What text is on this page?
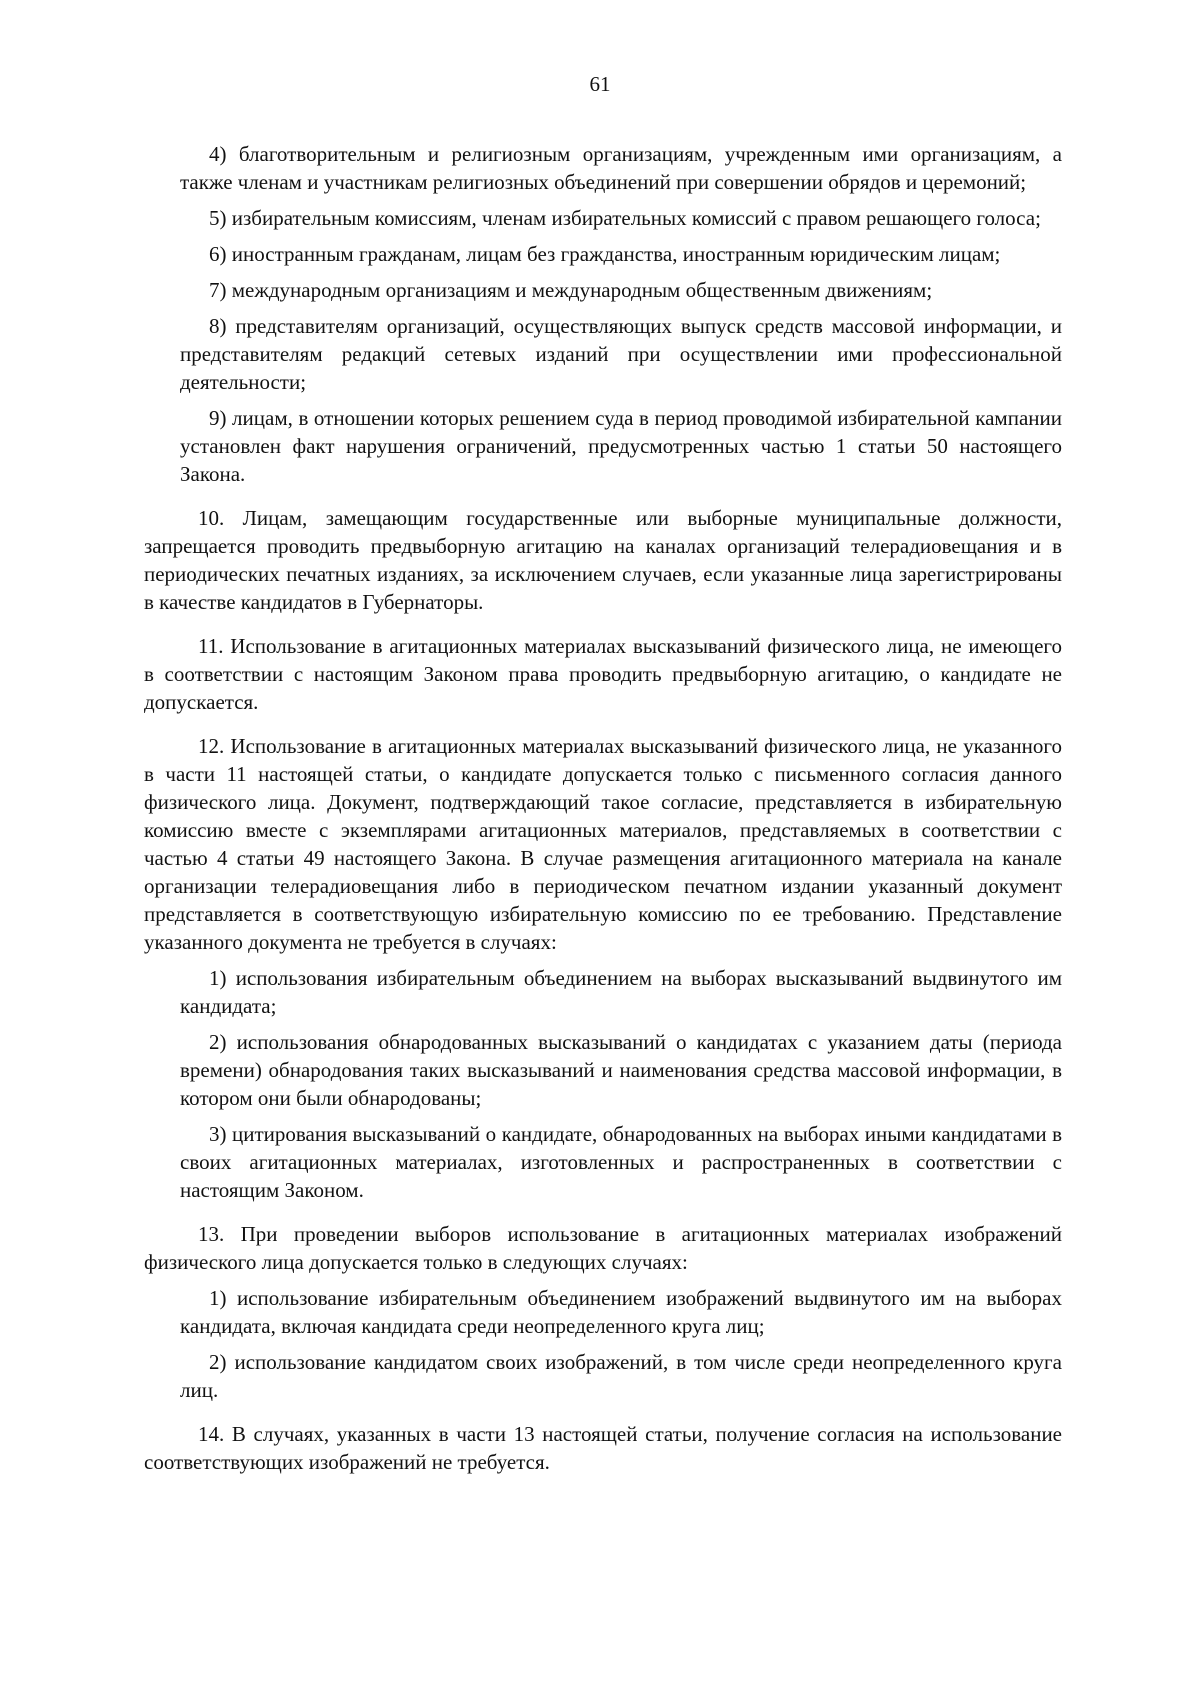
61

4) благотворительным и религиозным организациям, учрежденным ими организациям, а также членам и участникам религиозных объединений при совершении обрядов и церемоний;

5) избирательным комиссиям, членам избирательных комиссий с правом решающего голоса;

6) иностранным гражданам, лицам без гражданства, иностранным юридическим лицам;

7) международным организациям и международным общественным движениям;

8) представителям организаций, осуществляющих выпуск средств массовой информации, и представителям редакций сетевых изданий при осуществлении ими профессиональной деятельности;

9) лицам, в отношении которых решением суда в период проводимой избирательной кампании установлен факт нарушения ограничений, предусмотренных частью 1 статьи 50 настоящего Закона.

10. Лицам, замещающим государственные или выборные муниципальные должности, запрещается проводить предвыборную агитацию на каналах организаций телерадиовещания и в периодических печатных изданиях, за исключением случаев, если указанные лица зарегистрированы в качестве кандидатов в Губернаторы.

11. Использование в агитационных материалах высказываний физического лица, не имеющего в соответствии с настоящим Законом права проводить предвыборную агитацию, о кандидате не допускается.

12. Использование в агитационных материалах высказываний физического лица, не указанного в части 11 настоящей статьи, о кандидате допускается только с письменного согласия данного физического лица. Документ, подтверждающий такое согласие, представляется в избирательную комиссию вместе с экземплярами агитационных материалов, представляемых в соответствии с частью 4 статьи 49 настоящего Закона. В случае размещения агитационного материала на канале организации телерадиовещания либо в периодическом печатном издании указанный документ представляется в соответствующую избирательную комиссию по ее требованию. Представление указанного документа не требуется в случаях:

1) использования избирательным объединением на выборах высказываний выдвинутого им кандидата;

2) использования обнародованных высказываний о кандидатах с указанием даты (периода времени) обнародования таких высказываний и наименования средства массовой информации, в котором они были обнародованы;

3) цитирования высказываний о кандидате, обнародованных на выборах иными кандидатами в своих агитационных материалах, изготовленных и распространенных в соответствии с настоящим Законом.

13. При проведении выборов использование в агитационных материалах изображений физического лица допускается только в следующих случаях:

1) использование избирательным объединением изображений выдвинутого им на выборах кандидата, включая кандидата среди неопределенного круга лиц;

2) использование кандидатом своих изображений, в том числе среди неопределенного круга лиц.

14. В случаях, указанных в части 13 настоящей статьи, получение согласия на использование соответствующих изображений не требуется.
